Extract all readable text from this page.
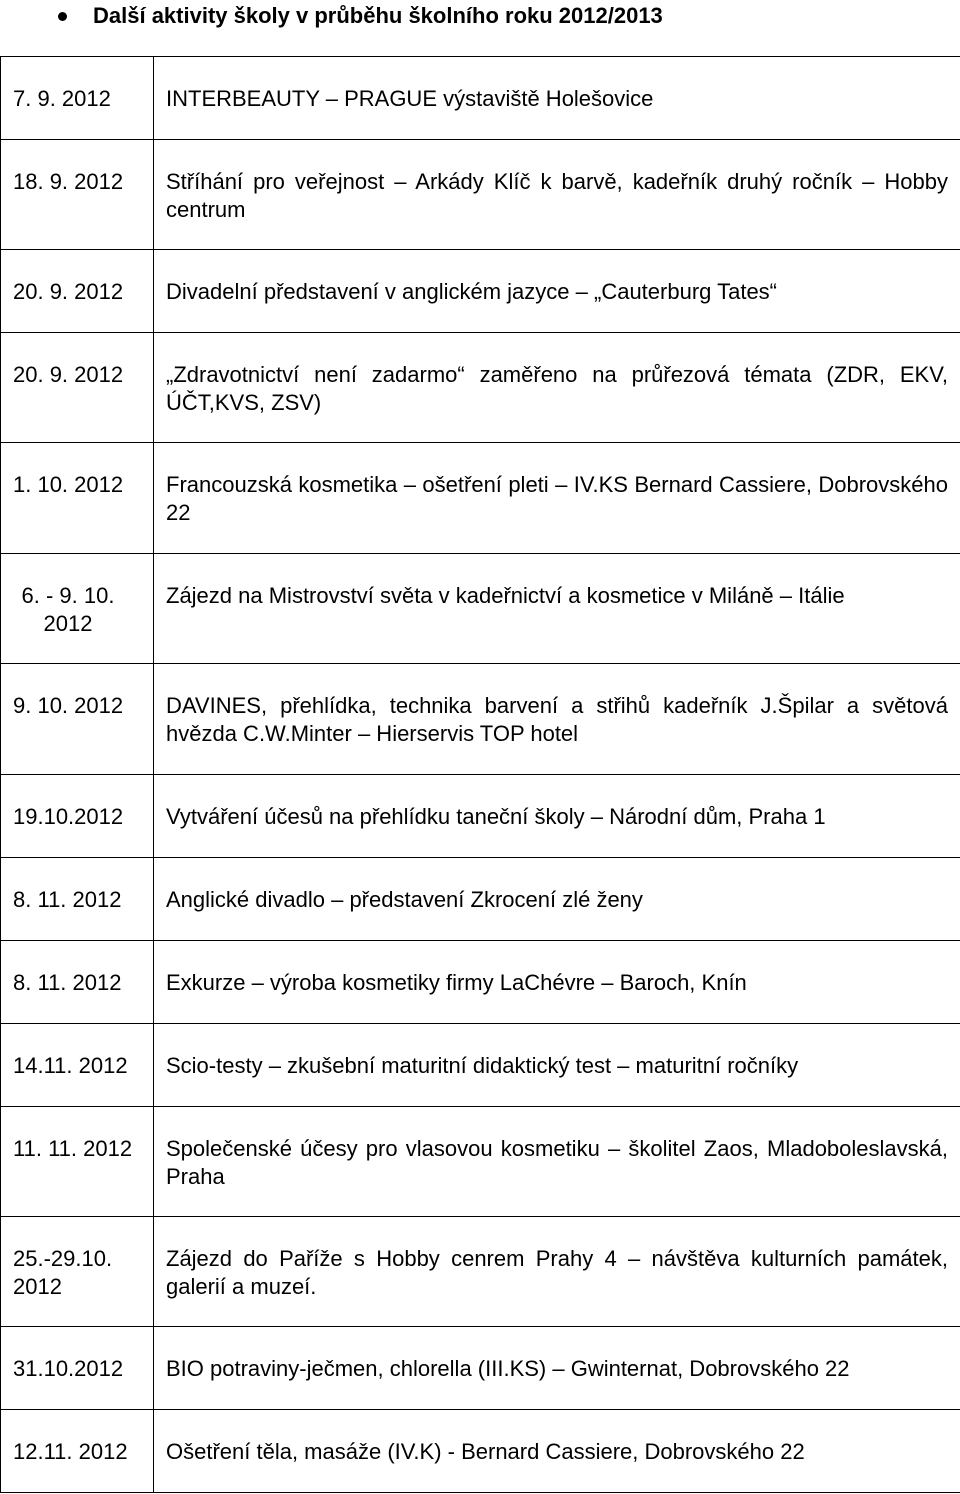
Další aktivity školy v průběhu školního roku 2012/2013
7. 9. 2012	INTERBEAUTY – PRAGUE výstaviště Holešovice
18. 9. 2012	Stříhání pro veřejnost – Arkády Klíč k barvě, kadeřník druhý ročník – Hobby centrum
20. 9. 2012	Divadelní představení v anglickém jazyce – „Cauterburg Tates“
20. 9. 2012	„Zdravotnictví není zadarmo“ zaměřeno na průřezová témata (ZDR, EKV, ÚČT,KVS, ZSV)
1. 10. 2012	Francouzská kosmetika – ošetření pleti – IV.KS Bernard Cassiere, Dobrovského 22

6. - 9. 10. 2012	Zájezd na Mistrovství světa v kadeřnictví a kosmetice v Miláně – Itálie
9. 10. 2012	DAVINES, přehlídka, technika barvení a střihů kadeřník J.Špilar a světová hvězda C.W.Minter – Hierservis TOP hotel
19.10.2012	Vytváření účesů na přehlídku taneční školy – Národní dům, Praha 1
8. 11. 2012	Anglické divadlo – představení Zkrocení zlé ženy
8. 11. 2012	Exkurze – výroba kosmetiky firmy LaChévre – Baroch, Knín
14.11. 2012	Scio-testy – zkušební maturitní didaktický test – maturitní ročníky
11. 11. 2012	Společenské účesy pro vlasovou kosmetiku – školitel Zaos, Mladoboleslavská, Praha
25.-29.10. 2012	Zájezd do Paříže s Hobby cenrem Prahy 4 – návštěva kulturních památek, galerií a muzeí.
31.10.2012	BIO potraviny-ječmen, chlorella (III.KS) – Gwinternat, Dobrovského 22
12.11. 2012	Ošetření těla, masáže (IV.K) - Bernard Cassiere, Dobrovského 22
